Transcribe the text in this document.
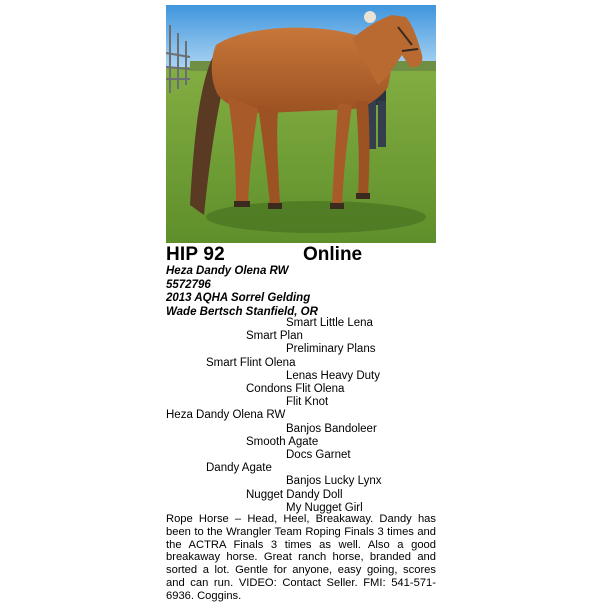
HIP 92	Online
Heza Dandy Olena RW
5572796
2013 AQHA Sorrel Gelding
Wade Bertsch Stanfield, OR
Smart Little Lena
Smart Plan
Preliminary Plans
Smart Flint Olena
Lenas Heavy Duty
Condons Flit Olena
Flit Knot
Heza Dandy Olena RW
Banjos Bandoleer
Smooth Agate
Docs Garnet
Dandy Agate
Banjos Lucky Lynx
Nugget Dandy Doll
My Nugget Girl
Rope Horse – Head, Heel, Breakaway. Dandy has been to the Wrangler Team Roping Finals 3 times and the ACTRA Finals 3 times as well. Also a good breakaway horse. Great ranch horse, branded and sorted a lot. Gentle for anyone, easy going, scores and can run. VIDEO: Contact Seller. FMI: 541-571-6936. Coggins.
